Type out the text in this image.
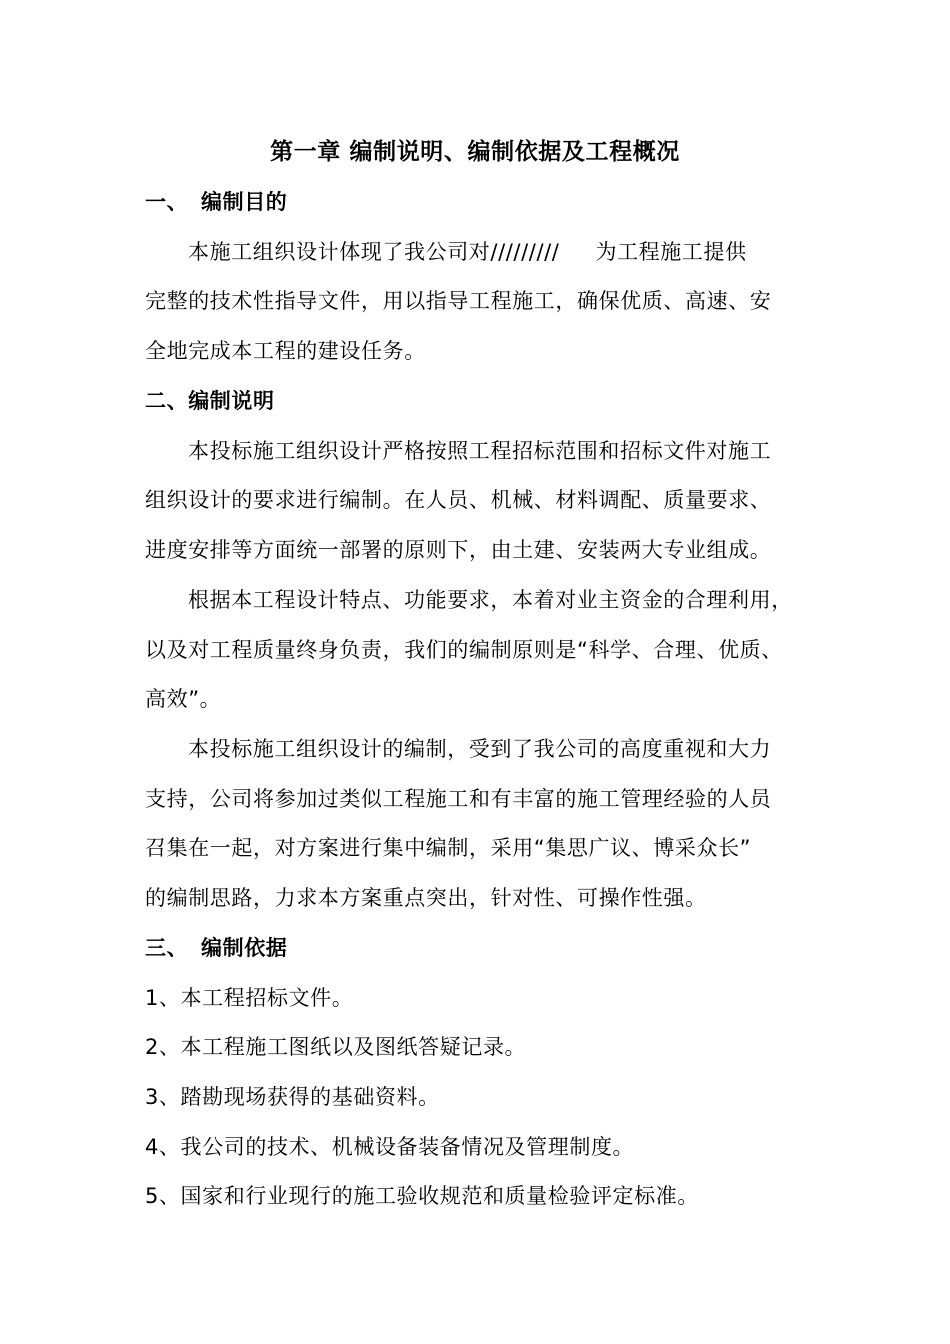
第一章 编制说明、编制依据及工程概况
一、 编制目的
本施工组织设计体现了我公司对///////// 为工程施工提供
完整的技术性指导文件，用以指导工程施工，确保优质、高速、安
全地完成本工程的建设任务。
二、编制说明
本投标施工组织设计严格按照工程招标范围和招标文件对施工
组织设计的要求进行编制。在人员、机械、材料调配、质量要求、
进度安排等方面统一部署的原则下，由土建、安装两大专业组成。
根据本工程设计特点、功能要求，本着对业主资金的合理利用，
以及对工程质量终身负责，我们的编制原则是“科学、合理、优质、
高效”。
本投标施工组织设计的编制，受到了我公司的高度重视和大力
支持，公司将参加过类似工程施工和有丰富的施工管理经验的人员
召集在一起，对方案进行集中编制，采用“集思广议、博采众长”
的编制思路，力求本方案重点突出，针对性、可操作性强。
三、 编制依据
1、本工程招标文件。
2、本工程施工图纸以及图纸答疑记录。
3、踏勘现场获得的基础资料。
4、我公司的技术、机械设备装备情况及管理制度。
5、国家和行业现行的施工验收规范和质量检验评定标准。
